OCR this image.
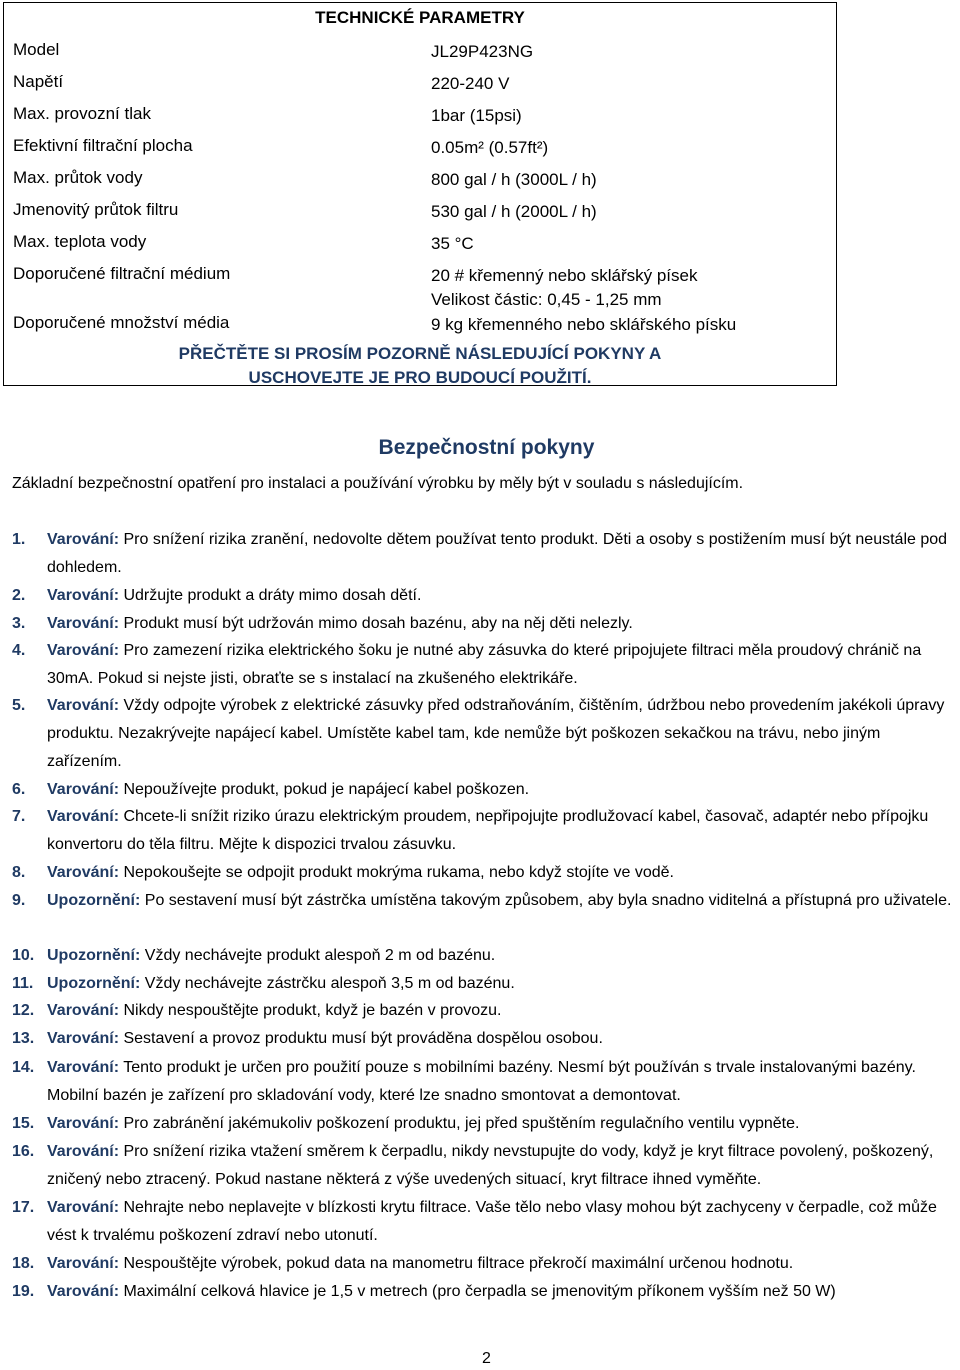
TECHNICKÉ PARAMETRY
Model	JL29P423NG
Napětí	220-240 V
Max. provozní tlak	1bar (15psi)
Efektivní filtrační plocha	0.05m² (0.57ft²)
Max. průtok vody	800 gal / h (3000L / h)
Jmenovitý průtok filtru	530 gal / h (2000L / h)
Max. teplota vody	35 °C
Doporučené filtrační médium	20 # křemenný nebo sklářský písek
Velikost částic: 0,45 - 1,25 mm
Doporučené množství média	9 kg křemenného nebo sklářského písku
PŘEČTĚTE SI PROSÍM POZORNĚ NÁSLEDUJÍCÍ POKYNY A
USCHOVEJTE JE PRO BUDOUCÍ POUŽITÍ.
Bezpečnostní pokyny
Základní bezpečnostní opatření pro instalaci a používání výrobku by měly být v souladu s následujícím.
1. Varování: Pro snížení rizika zranění, nedovolte dětem používat tento produkt. Děti a osoby s postižením musí být neustále pod dohledem.
2. Varování: Udržujte produkt a dráty mimo dosah dětí.
3. Varování: Produkt musí být udržován mimo dosah bazénu, aby na něj děti nelezly.
4. Varování: Pro zamezení rizika elektrického šoku je nutné aby zásuvka do které pripojujete filtraci měla proudový chránič na 30mA. Pokud si nejste jisti, obraťte se s instalací na zkušeného elektrikáře.
5. Varování: Vždy odpojte výrobek z elektrické zásuvky před odstraňováním, čištěním, údržbou nebo provedením jakékoli úpravy produktu. Nezakrývejte napájecí kabel. Umístěte kabel tam, kde nemůže být poškozen sekačkou na trávu, nebo jiným zařízením.
6. Varování: Nepoužívejte produkt, pokud je napájecí kabel poškozen.
7. Varování: Chcete-li snížit riziko úrazu elektrickým proudem, nepřipojujte prodlužovací kabel, časovač, adaptér nebo přípojku konvertoru do těla filtru. Mějte k dispozici trvalou zásuvku.
8. Varování: Nepokoušejte se odpojit produkt mokrýma rukama, nebo když stojíte ve vodě.
9. Upozornění: Po sestavení musí být zástrčka umístěna takovým způsobem, aby byla snadno viditelná a přístupná pro uživatele.
10. Upozornění: Vždy nechávejte produkt alespoň 2 m od bazénu.
11. Upozornění: Vždy nechávejte zástrčku alespoň 3,5 m od bazénu.
12. Varování: Nikdy nespouštějte produkt, když je bazén v provozu.
13. Varování: Sestavení a provoz produktu musí být prováděna dospělou osobou.
14. Varování: Tento produkt je určen pro použití pouze s mobilními bazény. Nesmí být používán s trvale instalovanými bazény. Mobilní bazén je zařízení pro skladování vody, které lze snadno smontovat a demontovat.
15. Varování: Pro zabránění jakémukoliv poškození produktu, jej před spuštěním regulačního ventilu vypněte.
16. Varování: Pro snížení rizika vtažení směrem k čerpadlu, nikdy nevstupujte do vody, když je kryt filtrace povolený, poškozený, zničený nebo ztracený. Pokud nastane některá z výše uvedených situací, kryt filtrace ihned vyměňte.
17. Varování: Nehrajte nebo neplavejte v blízkosti krytu filtrace. Vaše tělo nebo vlasy mohou být zachyceny v čerpadle, což může vést k trvalému poškození zdraví nebo utonutí.
18. Varování: Nespouštějte výrobek, pokud data na manometru filtrace překročí maximální určenou hodnotu.
19. Varování: Maximální celková hlavice je 1,5 v metrech (pro čerpadla se jmenovitým příkonem vyšším než 50 W)
2
